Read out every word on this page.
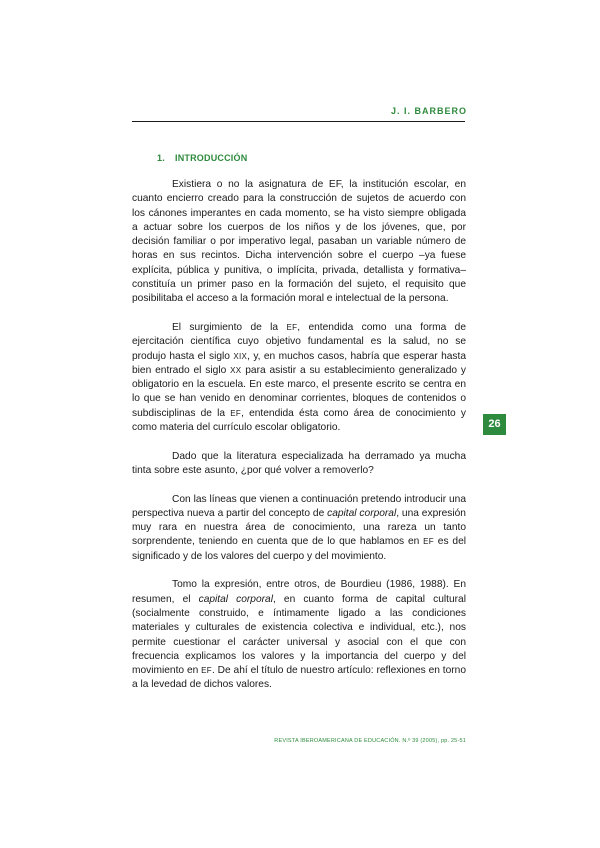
J. I. BARBERO
1. INTRODUCCIÓN

Existiera o no la asignatura de EF, la institución escolar, en cuanto encierro creado para la construcción de sujetos de acuerdo con los cánones imperantes en cada momento, se ha visto siempre obligada a actuar sobre los cuerpos de los niños y de los jóvenes, que, por decisión familiar o por imperativo legal, pasaban un variable número de horas en sus recintos. Dicha intervención sobre el cuerpo –ya fuese explícita, pública y punitiva, o implícita, privada, detallista y formativa– constituía un primer paso en la formación del sujeto, el requisito que posibilitaba el acceso a la formación moral e intelectual de la persona.

El surgimiento de la EF, entendida como una forma de ejercitación científica cuyo objetivo fundamental es la salud, no se produjo hasta el siglo XIX, y, en muchos casos, habría que esperar hasta bien entrado el siglo XX para asistir a su establecimiento generalizado y obligatorio en la escuela. En este marco, el presente escrito se centra en lo que se han venido en denominar corrientes, bloques de contenidos o subdisciplinas de la EF, entendida ésta como área de conocimiento y como materia del currículo escolar obligatorio.

Dado que la literatura especializada ha derramado ya mucha tinta sobre este asunto, ¿por qué volver a removerlo?

Con las líneas que vienen a continuación pretendo introducir una perspectiva nueva a partir del concepto de capital corporal, una expresión muy rara en nuestra área de conocimiento, una rareza un tanto sorprendente, teniendo en cuenta que de lo que hablamos en EF es del significado y de los valores del cuerpo y del movimiento.

Tomo la expresión, entre otros, de Bourdieu (1986, 1988). En resumen, el capital corporal, en cuanto forma de capital cultural (socialmente construido, e íntimamente ligado a las condiciones materiales y culturales de existencia colectiva e individual, etc.), nos permite cuestionar el carácter universal y asocial con el que con frecuencia explicamos los valores y la importancia del cuerpo y del movimiento en EF. De ahí el título de nuestro artículo: reflexiones en torno a la levedad de dichos valores.

26
REVISTA IBEROAMERICANA DE EDUCACIÓN. N.º 39 (2005), pp. 25-51
